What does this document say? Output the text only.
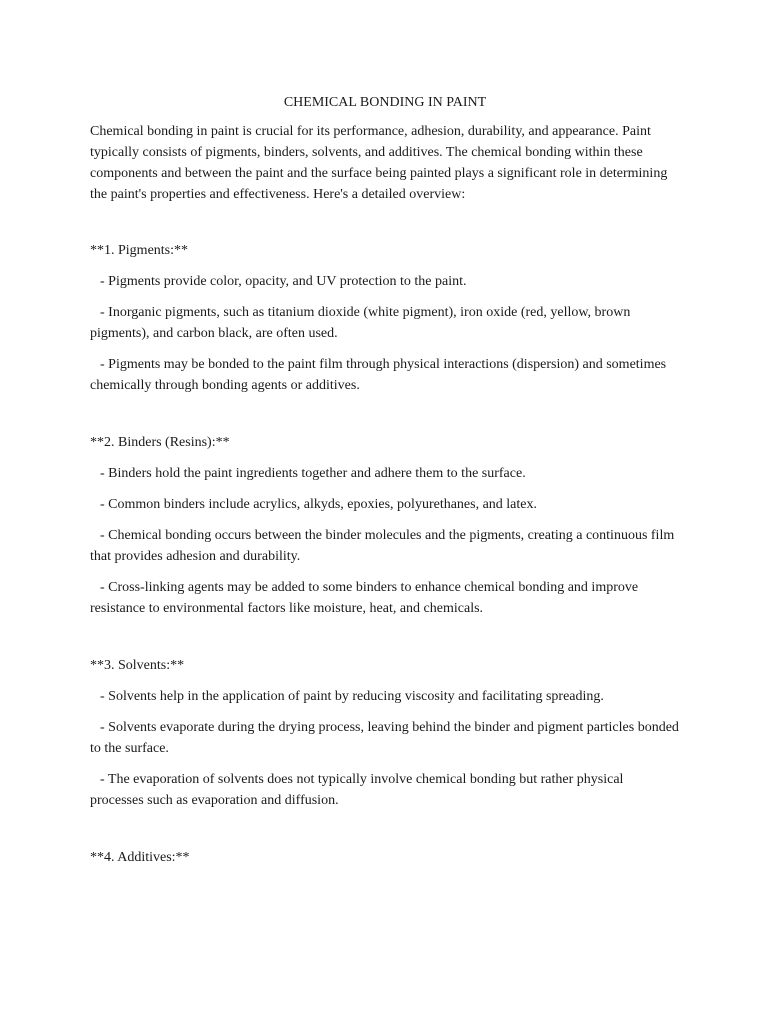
CHEMICAL BONDING IN PAINT

Chemical bonding in paint is crucial for its performance, adhesion, durability, and appearance. Paint typically consists of pigments, binders, solvents, and additives. The chemical bonding within these components and between the paint and the surface being painted plays a significant role in determining the paint's properties and effectiveness. Here's a detailed overview:

**1. Pigments:**

- Pigments provide color, opacity, and UV protection to the paint.

- Inorganic pigments, such as titanium dioxide (white pigment), iron oxide (red, yellow, brown pigments), and carbon black, are often used.

- Pigments may be bonded to the paint film through physical interactions (dispersion) and sometimes chemically through bonding agents or additives.

**2. Binders (Resins):**

- Binders hold the paint ingredients together and adhere them to the surface.

- Common binders include acrylics, alkyds, epoxies, polyurethanes, and latex.

- Chemical bonding occurs between the binder molecules and the pigments, creating a continuous film that provides adhesion and durability.

- Cross-linking agents may be added to some binders to enhance chemical bonding and improve resistance to environmental factors like moisture, heat, and chemicals.

**3. Solvents:**

- Solvents help in the application of paint by reducing viscosity and facilitating spreading.

- Solvents evaporate during the drying process, leaving behind the binder and pigment particles bonded to the surface.

- The evaporation of solvents does not typically involve chemical bonding but rather physical processes such as evaporation and diffusion.

**4. Additives:**
